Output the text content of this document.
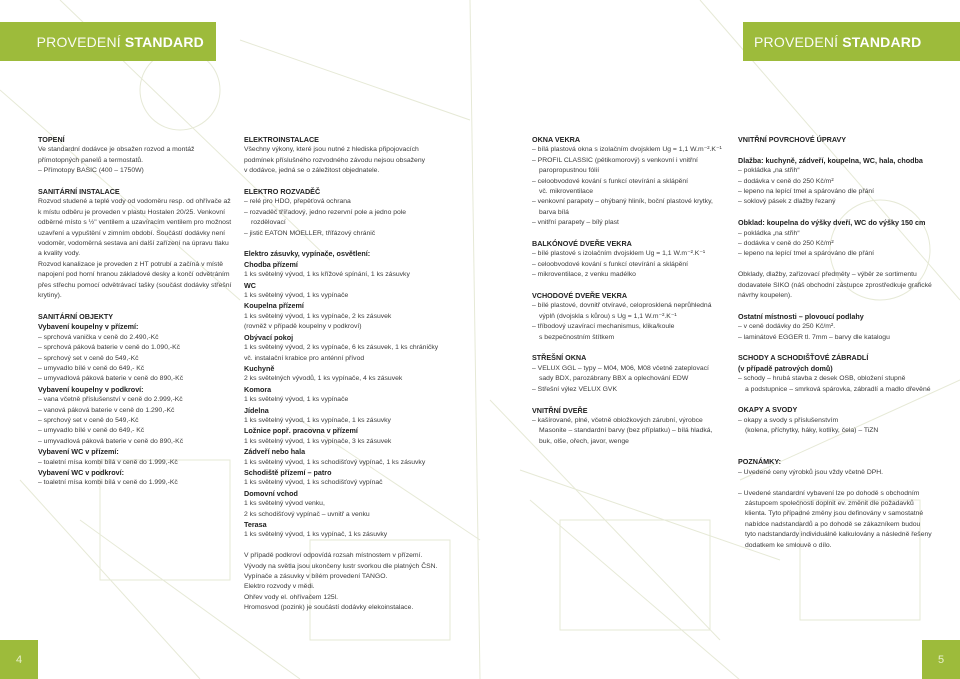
PROVEDENÍ STANDARD	PROVEDENÍ STANDARD
TOPENÍ
Ve standardní dodávce je obsažen rozvod a montáž
přímotopných panelů a termostatů.
– Přímotopy BASIC (400 – 1750W)
SANITÁRNÍ INSTALACE
Rozvod studené a teplé vody od vodoměru resp. od ohřívače až
k místu odběru je proveden v plastu Hostalen 20/25. Venkovní
odběrné místo s ½" ventilem a uzavíracím ventilem pro možnost
uzavření a vypuštění v zimním období. Součástí dodávky není
vodoměr, vodoměrná sestava ani další zařízení na úpravu tlaku
a kvality vody.
Rozvod kanalizace je proveden z HT potrubí a začíná v místě
napojení pod horní hranou základové desky a končí odvětráním
přes střechu pomocí odvětrávací tašky (součást dodávky střešní
krytiny).
SANITÁRNÍ OBJEKTY
Vybavení koupelny v přízemí:
– sprchová vanička v ceně do 2.490,-Kč
– sprchová páková baterie v ceně do 1.090,-Kč
– sprchový set v ceně do 549,-Kč
– umyvadlo bílé v ceně do 649,- Kč
– umyvadlová páková baterie v ceně do 890,-Kč
Vybavení koupelny v podkroví:
– vana včetně příslušenství v ceně do 2.999,-Kč
– vanová páková baterie v ceně do 1.290,-Kč
– sprchový set v ceně do 549,-Kč
– umyvadlo bílé v ceně do 649,- Kč
– umyvadlová páková baterie v ceně do 890,-Kč
Vybavení WC v přízemí:
– toaletní mísa kombi bílá v ceně do 1.999,-Kč
Vybavení WC v podkroví:
– toaletní mísa kombi bílá v ceně do 1.999,-Kč
ELEKTROINSTALACE
Všechny výkony, které jsou nutné z hlediska připojovacích
podmínek příslušného rozvodného závodu nejsou obsaženy
v dodávce, jedná se o záležitost objednatele.
ELEKTRO ROZVADĚČ
– relé pro HDO, přepěťová ochrana
– rozvaděč třířadový, jedno rezervní pole a jedno pole
rozdělovací
– jistič EATON MOELLER, třífázový chránič
Elektro zásuvky, vypínače, osvětlení:
Chodba přízemí
1 ks světelný vývod, 1 ks křížové spínání, 1 ks zásuvky
WC
1 ks světelný vývod, 1 ks vypínače
Koupelna přízemí
1 ks světelný vývod, 1 ks vypínače, 2 ks zásuvek
(rovněž v případě koupelny v podkroví)
Obývací pokoj
1 ks světelný vývod, 2 ks vypínače, 6 ks zásuvek, 1 ks chráničky
vč. instalační krabice pro anténní přívod
Kuchyně
2 ks světelných vývodů, 1 ks vypínače, 4 ks zásuvek
Komora
1 ks světelný vývod, 1 ks vypínače
Jídelna
1 ks světelný vývod, 1 ks vypínače, 1 ks zásuvky
Ložnice popř. pracovna v přízemí
1 ks světelný vývod, 1 ks vypínače, 3 ks zásuvek
Zádveří nebo hala
1 ks světelný vývod, 1 ks schodišťový vypínač, 1 ks zásuvky
Schodiště přízemí – patro
1 ks světelný vývod, 1 ks schodišťový vypínač
Domovní vchod
1 ks světelný vývod venku,
2 ks schodišťový vypínač – uvnitř a venku
Terasa
1 ks světelný vývod, 1 ks vypínač, 1 ks zásuvky
V případě podkroví odpovídá rozsah místnostem v přízemí.
Vývody na světla jsou ukončeny lustr svorkou dle platných ČSN.
Vypínače a zásuvky v bílém provedení TANGO.
Elektro rozvody v mědi.
Ohřev vody el. ohřívačem 125l.
Hromosvod (pozink) je součástí dodávky elekoinstalace.
OKNA VEKRA
– bílá plastová okna s izolačním dvojsklem Ug = 1,1 W.m⁻².K⁻¹
– PROFIL CLASSIC (pětikomorový) s venkovní i vnitřní
paropropustnou fólií
– celoobvodové kování s funkcí otevírání a sklápění
vč. mikroventilace
– venkovní parapety – ohýbaný hliník, boční plastové krytky,
barva bílá
– vnitřní parapety – bílý plast
BALKÓNOVÉ DVEŘE VEKRA
– bílé plastové s izolačním dvojsklem Ug = 1,1 W.m⁻².K⁻¹
– celoobvodové kování s funkcí otevírání a sklápění
– mikroventilace, z venku madélko
VCHODOVÉ DVEŘE VEKRA
– bílé plastové, dovnitř otvíravé, celoprosklená neprůhledná
výplň (dvojskla s kůrou) s Ug = 1,1 W.m⁻².K⁻¹
– tříbodový uzavírací mechanismus, klika/koule
s bezpečnostním štítkem
STŘEŠNÍ OKNA
– VELUX GGL – typy – M04, M06, M08 včetně zateplovací
sady BDX, parozábrany BBX a oplechování EDW
– Střešní výlez VELUX GVK
VNITŘNÍ DVEŘE
– kašírované, plné, včetně obložkových zárubní, výrobce
Masonite – standardní barvy (bez příplatku) – bílá hladká,
buk, olše, ořech, javor, wenge
VNITŘNÍ POVRCHOVÉ ÚPRAVY
Dlažba: kuchyně, zádveří, koupelna, WC, hala, chodba
– pokládka „na střih“
– dodávka v ceně do 250 Kč/m²
– lepeno na lepící tmel a spárováno dle přání
– soklový pásek z dlažby řezaný
Obklad: koupelna do výšky dveří, WC do výšky 150 cm
– pokládka „na střih“
– dodávka v ceně do 250 Kč/m²
– lepeno na lepící tmel a spárováno dle přání
Obklady, dlažby, zařizovací předměty – výběr ze sortimentu
dodavatele SIKO (náš obchodní zástupce zprostředkuje grafické
návrhy koupelen).
Ostatní místnosti – plovoucí podlahy
– v ceně dodávky do 250 Kč/m².
– laminátové EGGER tl. 7mm – barvy dle katalogu
SCHODY A SCHODIŠŤOVÉ ZÁBRADLÍ
(v případě patrových domů)
– schody – hrubá stavba z desek OSB, obložení stupně
a podstupnice – smrková spárovka, zábradlí a madlo dřevěné
OKAPY A SVODY
– okapy a svody s příslušenstvím
(kolena, příchytky, háky, kotlíky, čela) – TiZN
POZNÁMKY:
– Uvedené ceny výrobků jsou vždy včetně DPH.
– Uvedené standardní vybavení lze po dohodě s obchodním
zástupcem společnosti doplnit ev. změnit dle požadavků
klienta. Tyto případné změny jsou definovány v samostatné
nabídce nadstandardů a po dohodě se zákazníkem budou
tyto nadstandardy individuálně kalkulovány a následně řešeny
dodatkem ke smlouvě o dílo.
4	5
